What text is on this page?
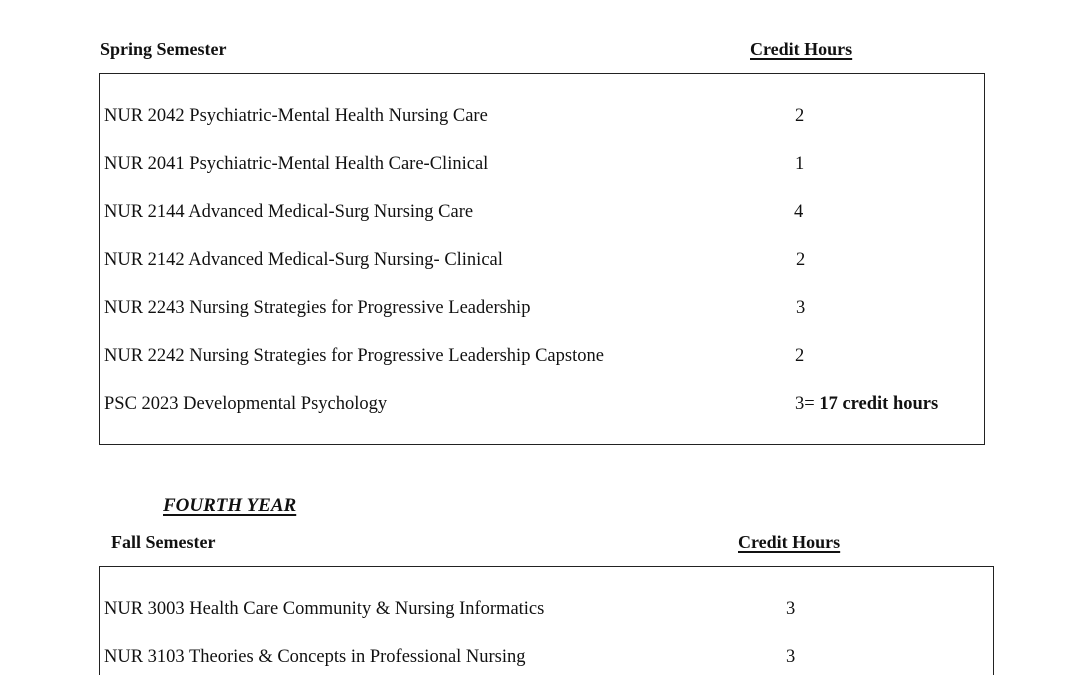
Spring Semester	Credit Hours
NUR 2042 Psychiatric-Mental Health Nursing Care	2
NUR 2041 Psychiatric-Mental Health Care-Clinical	1
NUR 2144 Advanced Medical-Surg Nursing Care	4
NUR 2142 Advanced Medical-Surg Nursing- Clinical	2
NUR 2243 Nursing Strategies for Progressive Leadership	3
NUR 2242 Nursing Strategies for Progressive Leadership Capstone	2
PSC 2023 Developmental Psychology	3= 17 credit hours
FOURTH YEAR
Fall Semester	Credit Hours
NUR 3003 Health Care Community & Nursing Informatics	3
NUR 3103 Theories & Concepts in Professional Nursing	3
